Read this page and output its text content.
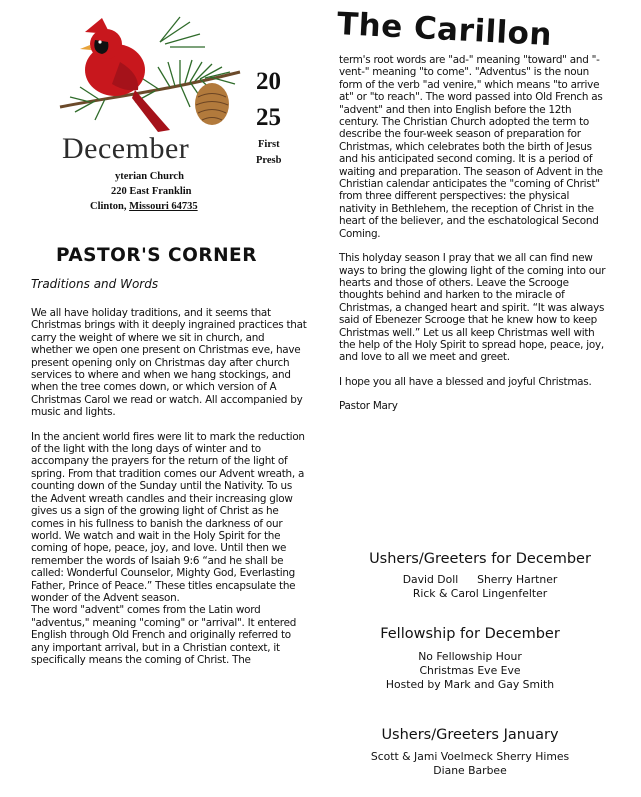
December
20
25
First
Presb
yterian Church
220 East Franklin
Clinton, Missouri 64735
The Carillon
PASTOR'S CORNER
Traditions and Words

We all have holiday traditions, and it seems that Christmas brings with it deeply ingrained practices that carry the weight of where we sit in church, and whether we open one present on Christmas eve, have present opening only on Christmas day after church services to where and when we hang stockings, and when the tree comes down, or which version of A Christmas Carol we read or watch. All accompanied by music and lights.

In the ancient world fires were lit to mark the reduction of the light with the long days of winter and to accompany the prayers for the return of the light of spring. From that tradition comes our Advent wreath, a counting down of the Sunday until the Nativity. To us the Advent wreath candles and their increasing glow gives us a sign of the growing light of Christ as he comes in his fullness to banish the darkness of our world. We watch and wait in the Holy Spirit for the coming of hope, peace, joy, and love. Until then we remember the words of Isaiah 9:6 “and he shall be called: Wonderful Counselor, Mighty God, Everlasting Father, Prince of Peace.” These titles encapsulate the wonder of the Advent season.

The word "advent" comes from the Latin word "adventus," meaning "coming" or "arrival". It entered English through Old French and originally referred to any important arrival, but in a Christian context, it specifically means the coming of Christ. The

term's root words are "ad-" meaning "toward" and "-vent-" meaning "to come". "Adventus" is the noun form of the verb "ad venire," which means "to arrive at" or "to reach". The word passed into Old French as "advent" and then into English before the 12th century. The Christian Church adopted the term to describe the four-week season of preparation for Christmas, which celebrates both the birth of Jesus and his anticipated second coming. It is a period of waiting and preparation. The season of Advent in the Christian calendar anticipates the "coming of Christ" from three different perspectives: the physical nativity in Bethlehem, the reception of Christ in the heart of the believer, and the eschatological Second Coming.

This holyday season I pray that we all can find new ways to bring the glowing light of the coming into our hearts and those of others. Leave the Scrooge thoughts behind and harken to the miracle of Christmas, a changed heart and spirit. “It was always said of Ebenezer Scrooge that he knew how to keep Christmas well.” Let us all keep Christmas well with the help of the Holy Spirit to spread hope, peace, joy, and love to all we meet and greet.

I hope you all have a blessed and joyful Christmas.

Pastor Mary

Ushers/Greeters for December
David Doll Sherry Hartner
Rick & Carol Lingenfelter
Fellowship for December
No Fellowship Hour
Christmas Eve Eve
Hosted by Mark and Gay Smith
Ushers/Greeters January
Scott & Jami Voelmeck Sherry Himes
Diane Barbee
